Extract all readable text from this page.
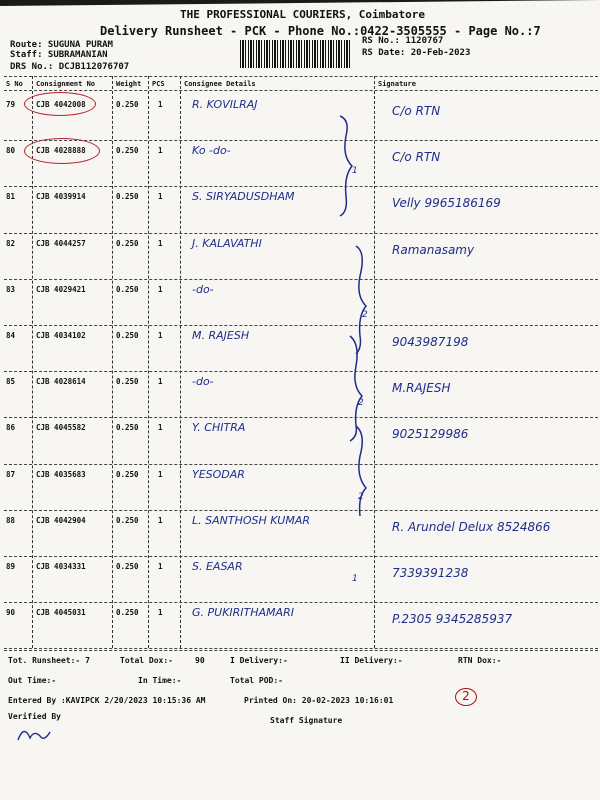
THE PROFESSIONAL COURIERS, Coimbatore
Delivery Runsheet - PCK - Phone No.:0422-3505555 - Page No.:7
Route: SUGUNA PURAM
Staff: SUBRAMANIAN
DRS No.: DCJB112076707
RS No.: 1120767
RS Date: 20-Feb-2023
S No Consignment No	Weight PCS	Consignee Details	Signature
79	CJB 4042008	0.250	1	R. KOVILRAJ	C/o RTN
80	CJB 4028888	0.250	1	Ko -do-	C/o RTN
81	CJB 4039914	0.250	1	S. SIRYADUSDHAM	Velly 9965186169
82	CJB 4044257	0.250	1	J. KALAVATHI	Ramanasamy
83	CJB 4029421	0.250	1	-do-
84	CJB 4034102	0.250	1	M. RAJESH	9043987198
85	CJB 4028614	0.250	1	-do-	M.RAJESH
86	CJB 4045582	0.250	1	Y. CHITRA	9025129986
87	CJB 4035683	0.250	1	YESODAR
88	CJB 4042904	0.250	1	L. SANTHOSH KUMAR	R. Arundel Delux 8524866
89	CJB 4034331	0.250	1	S. EASAR	7339391238
90	CJB 4045031	0.250	1	G. PUKIRITHAMARI	P.2305 9345285937
1
2
2
2
1
Tot. Runsheet:- 7	Total Dox:-	90	I Delivery:-	II Delivery:-	RTN Dox:-
Out Time:-	In Time:-	Total POD:-
Entered By :KAVIPCK 2/20/2023 10:15:36 AM	Printed On: 20-02-2023 10:16:01	2
Verified By	Staff Signature
